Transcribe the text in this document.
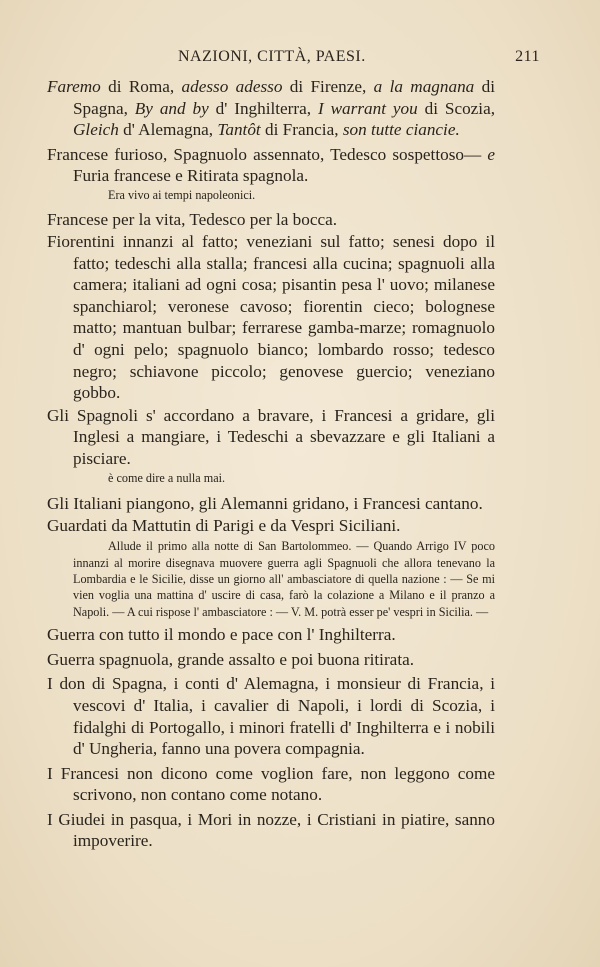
NAZIONI, CITTÀ, PAESI.	211

Faremo di Roma, adesso adesso di Firenze, a la magnana di Spagna, By and by d' Inghilterra, I warrant you di Scozia, Gleich d' Alemagna, Tantôt di Francia, son tutte ciancie.

Francese furioso, Spagnuolo assennato, Tedesco sospettoso— e Furia francese e Ritirata spagnola.

Era vivo ai tempi napoleonici.

Francese per la vita, Tedesco per la bocca.

Fiorentini innanzi al fatto; veneziani sul fatto; senesi dopo il fatto; tedeschi alla stalla; francesi alla cucina; spagnuoli alla camera; italiani ad ogni cosa; pisantin pesa l' uovo; milanese spanchiarol; veronese cavoso; fiorentin cieco; bolognese matto; mantuan bulbar; ferrarese gamba-marze; romagnuolo d' ogni pelo; spagnuolo bianco; lombardo rosso; tedesco negro; schiavone piccolo; genovese guercio; veneziano gobbo.

Gli Spagnoli s' accordano a bravare, i Francesi a gridare, gli Inglesi a mangiare, i Tedeschi a sbevazzare e gli Italiani a pisciare.

è come dire a nulla mai.

Gli Italiani piangono, gli Alemanni gridano, i Francesi cantano.

Guardati da Mattutin di Parigi e da Vespri Siciliani.

Allude il primo alla notte di San Bartolommeo. — Quando Arrigo IV poco innanzi al morire disegnava muovere guerra agli Spagnuoli che allora tenevano la Lombardia e le Sicilie, disse un giorno all' ambasciatore di quella nazione : — Se mi vien voglia una mattina d' uscire di casa, farò la colazione a Milano e il pranzo a Napoli. — A cui rispose l' ambasciatore : — V. M. potrà esser pe' vespri in Sicilia. —

Guerra con tutto il mondo e pace con l' Inghilterra.

Guerra spagnuola, grande assalto e poi buona ritirata.

I don di Spagna, i conti d' Alemagna, i monsieur di Francia, i vescovi d' Italia, i cavalier di Napoli, i lordi di Scozia, i fidalghi di Portogallo, i minori fratelli d' Inghilterra e i nobili d' Ungheria, fanno una povera compagnia.

I Francesi non dicono come voglion fare, non leggono come scrivono, non contano come notano.

I Giudei in pasqua, i Mori in nozze, i Cristiani in piatire, sanno impoverire.
